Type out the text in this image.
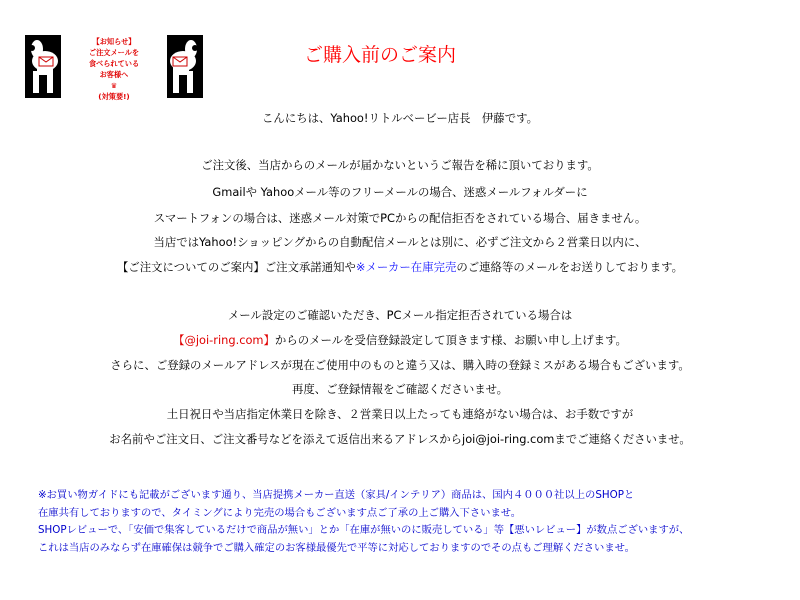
【お知らせ】
ご注文メールを
食べられている
お客様へ
♛
(対策要!)
ご購入前のご案内
こんにちは、Yahoo!リトルベービー店長　伊藤です。
ご注文後、当店からのメールが届かないというご報告を稀に頂いております。
Gmailや Yahooメール等のフリーメールの場合、迷惑メールフォルダーに
スマートフォンの場合は、迷惑メール対策でPCからの配信拒否をされている場合、届きません。
当店ではYahoo!ショッピングからの自動配信メールとは別に、必ずご注文から２営業日以内に、
【ご注文についてのご案内】ご注文承諾通知や※メーカー在庫完売のご連絡等のメールをお送りしております。
メール設定のご確認いただき、PCメール指定拒否されている場合は
【@joi-ring.com】からのメールを受信登録設定して頂きます様、お願い申し上げます。
さらに、ご登録のメールアドレスが現在ご使用中のものと違う又は、購入時の登録ミスがある場合もございます。
再度、ご登録情報をご確認くださいませ。
土日祝日や当店指定休業日を除き、２営業日以上たっても連絡がない場合は、お手数ですが
お名前やご注文日、ご注文番号などを添えて返信出来るアドレスからjoi@joi-ring.comまでご連絡くださいませ。
※お買い物ガイドにも記載がございます通り、当店提携メーカー直送（家具/インテリア）商品は、国内４０００社以上のSHOPと
在庫共有しておりますので、タイミングにより完売の場合もございます点ご了承の上ご購入下さいませ。
SHOPレビューで、「安価で集客しているだけで商品が無い」とか「在庫が無いのに販売している」等【悪いレビュー】が数点ございますが、
これは当店のみならず在庫確保は競争でご購入確定のお客様最優先で平等に対応しておりますのでその点もご理解くださいませ。
